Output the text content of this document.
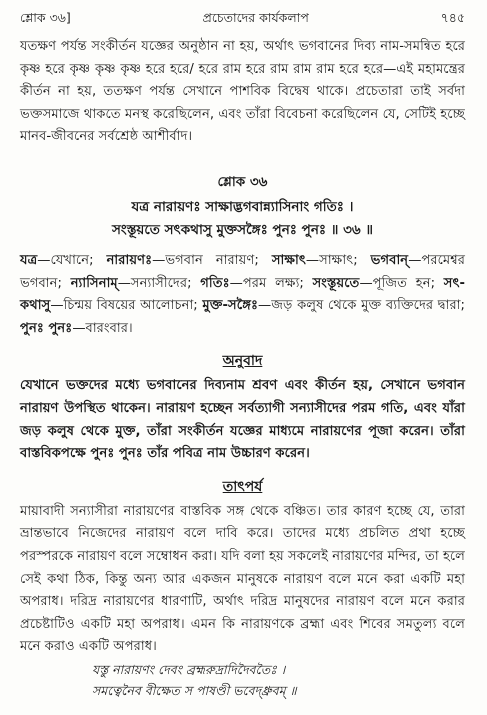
শ্লোক ৩৬]	প্রচেতাদের কার্যকলাপ	৭৪৫

যতক্ষণ পর্যন্ত সংকীর্তন যজ্ঞের অনুষ্ঠান না হয়, অর্থাৎ ভগবানের দিব্য নাম-সমন্বিত হরে কৃষ্ণ হরে কৃষ্ণ কৃষ্ণ কৃষ্ণ হরে হরে/ হরে রাম হরে রাম রাম রাম হরে হরে—এই মহামন্ত্রের কীর্তন না হয়, ততক্ষণ পর্যন্ত সেখানে পাশবিক বিদ্বেষ থাকে। প্রচেতারা তাই সর্বদা ভক্তসমাজে থাকতে মনস্থ করেছিলেন, এবং তাঁরা বিবেচনা করেছিলেন যে, সেটিই হচ্ছে মানব-জীবনের সর্বশ্রেষ্ঠ আশীর্বাদ।

শ্লোক ৩৬
যত্র নারায়ণঃ সাক্ষাদ্ভগবান্ন্যাসিনাং গতিঃ ।
সংস্তূয়তে সৎকথাসু মুক্তসঙ্গৈঃ পুনঃ পুনঃ ॥ ৩৬ ॥

যত্র—যেখানে; নারায়ণঃ—ভগবান নারায়ণ; সাক্ষাৎ—সাক্ষাৎ; ভগবান্—পরমেশ্বর ভগবান; ন্যাসিনাম্—সন্যাসীদের; গতিঃ—পরম লক্ষ্য; সংস্তূয়তে—পূজিত হন; সৎ-কথাসু—চিন্ময় বিষয়ের আলোচনা; মুক্ত-সঙ্গৈঃ—জড় কলুষ থেকে মুক্ত ব্যক্তিদের দ্বারা; পুনঃ পুনঃ—বারংবার।

অনুবাদ

যেখানে ভক্তদের মধ্যে ভগবানের দিব্যনাম শ্রবণ এবং কীর্তন হয়, সেখানে ভগবান নারায়ণ উপস্থিত থাকেন। নারায়ণ হচ্ছেন সর্বত্যাগী সন্যাসীদের পরম গতি, এবং যাঁরা জড় কলুষ থেকে মুক্ত, তাঁরা সংকীর্তন যজ্ঞের মাধ্যমে নারায়ণের পূজা করেন। তাঁরা বাস্তবিকপক্ষে পুনঃ পুনঃ তাঁর পবিত্র নাম উচ্চারণ করেন।

তাৎপর্য

মায়াবাদী সন্যাসীরা নারায়ণের বাস্তবিক সঙ্গ থেকে বঞ্চিত। তার কারণ হচ্ছে যে, তারা ভ্রান্তভাবে নিজেদের নারায়ণ বলে দাবি করে। তাদের মধ্যে প্রচলিত প্রথা হচ্ছে পরস্পরকে নারায়ণ বলে সম্বোধন করা। যদি বলা হয় সকলেই নারায়ণের মন্দির, তা হলে সেই কথা ঠিক, কিন্তু অন্য আর একজন মানুষকে নারায়ণ বলে মনে করা একটি মহা অপরাধ। দরিদ্র নারায়ণের ধারণাটি, অর্থাৎ দরিদ্র মানুষদের নারায়ণ বলে মনে করার প্রচেষ্টাটিও একটি মহা অপরাধ। এমন কি নারায়ণকে ব্রহ্মা এবং শিবের সমতুল্য বলে মনে করাও একটি অপরাধ।

যস্তু নারায়ণং দেবং ব্রহ্মরুদ্রাদিদৈবতৈঃ ।
সমত্বেনৈব বীক্ষেত স পাষণ্ডী ভবেদ্ধ্রুবম্ ॥
